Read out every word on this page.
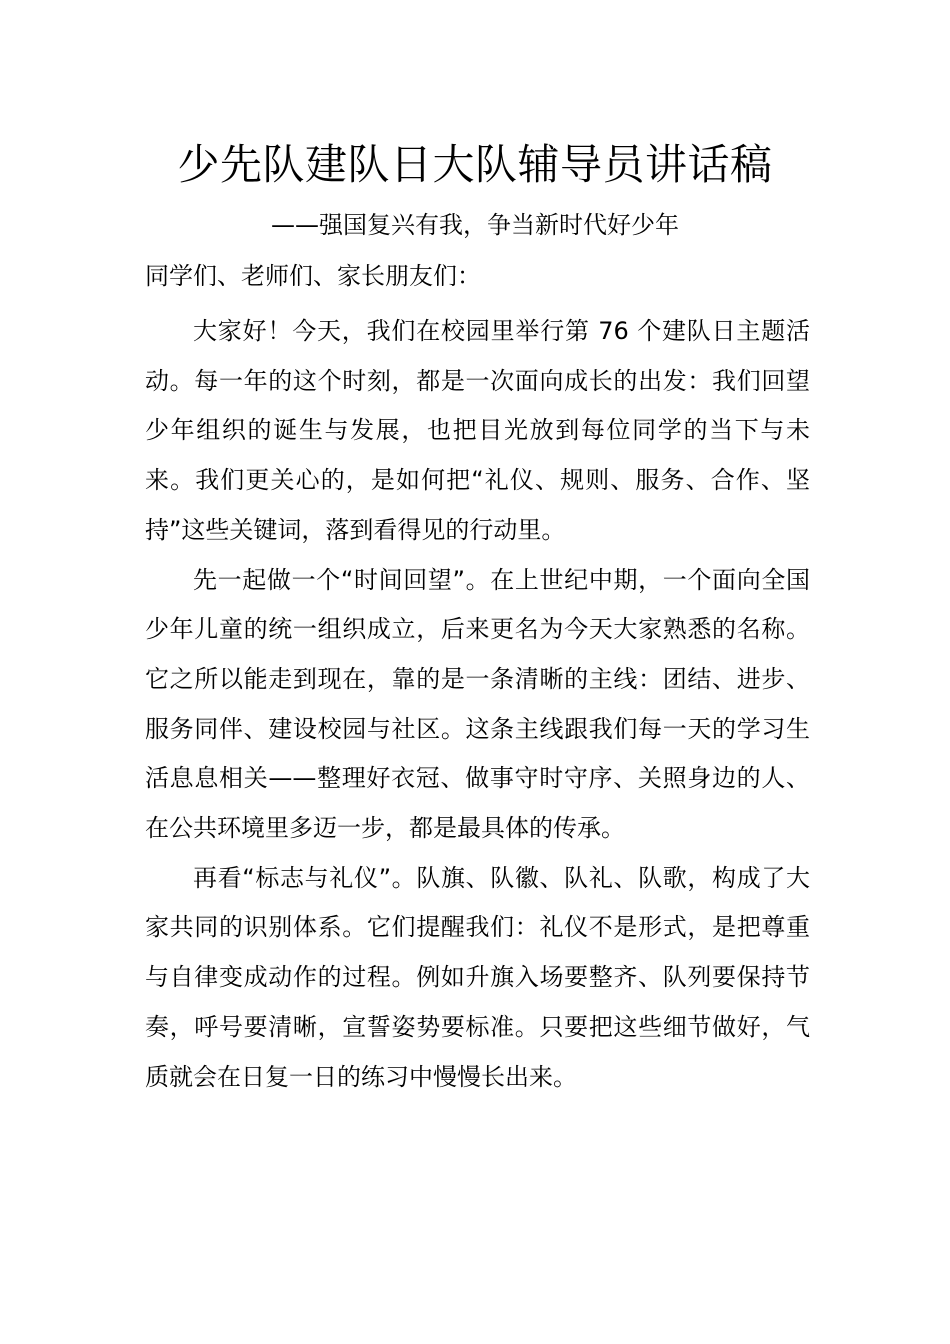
少先队建队日大队辅导员讲话稿
——强国复兴有我，争当新时代好少年
同学们、老师们、家长朋友们：

大家好！今天，我们在校园里举行第 76 个建队日主题活动。每一年的这个时刻，都是一次面向成长的出发：我们回望少年组织的诞生与发展，也把目光放到每位同学的当下与未来。我们更关心的，是如何把“礼仪、规则、服务、合作、坚持”这些关键词，落到看得见的行动里。

先一起做一个“时间回望”。在上世纪中期，一个面向全国少年儿童的统一组织成立，后来更名为今天大家熟悉的名称。它之所以能走到现在，靠的是一条清晰的主线：团结、进步、服务同伴、建设校园与社区。这条主线跟我们每一天的学习生活息息相关——整理好衣冠、做事守时守序、关照身边的人、在公共环境里多迈一步，都是最具体的传承。

再看“标志与礼仪”。队旗、队徽、队礼、队歌，构成了大家共同的识别体系。它们提醒我们：礼仪不是形式，是把尊重与自律变成动作的过程。例如升旗入场要整齐、队列要保持节奏，呼号要清晰，宣誓姿势要标准。只要把这些细节做好，气质就会在日复一日的练习中慢慢长出来。
